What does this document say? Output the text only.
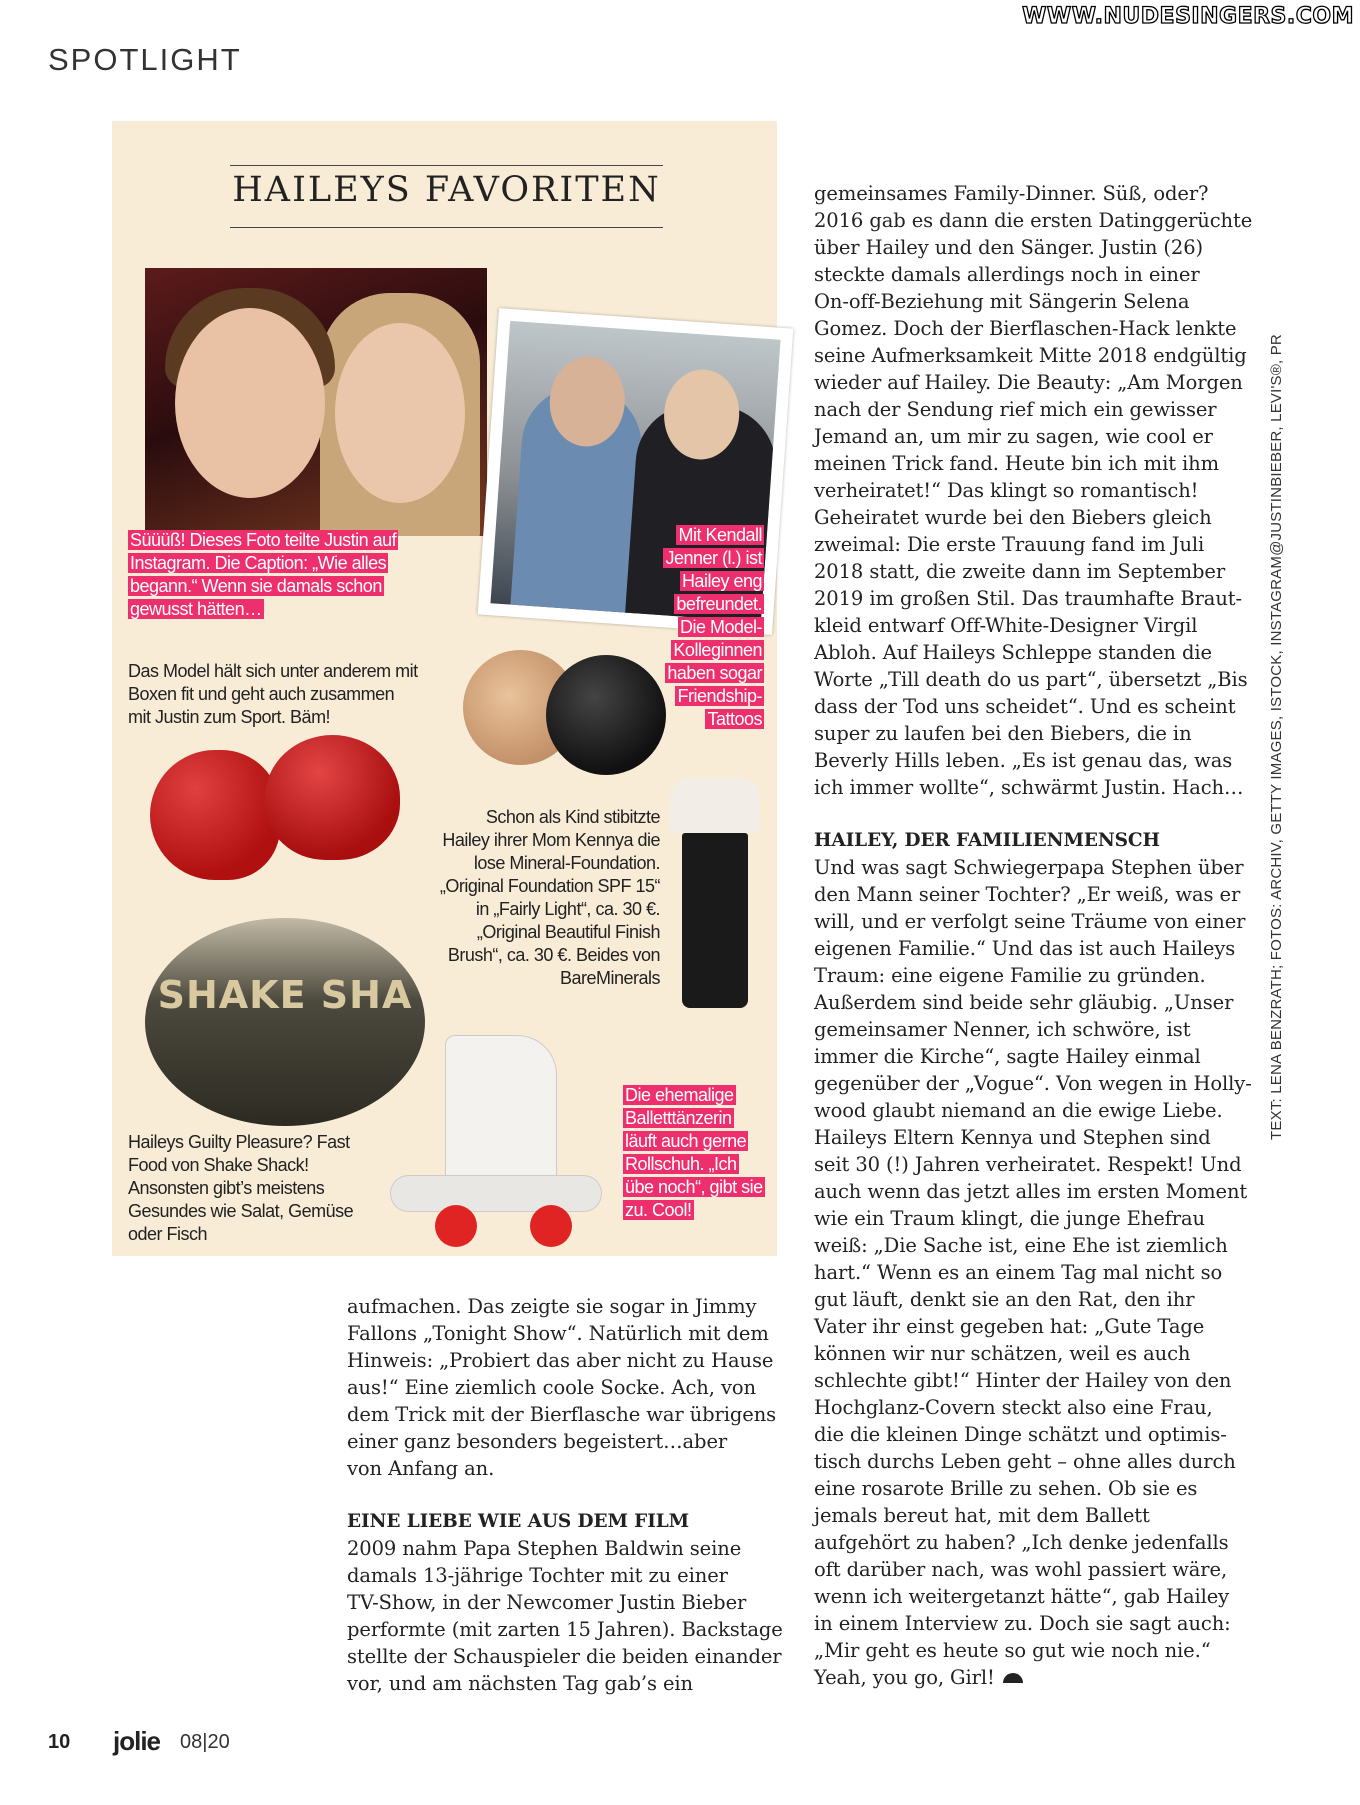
SPOTLIGHT
WWW.NUDESINGERS.COM
HAILEYS FAVORITEN
Süüüß! Dieses Foto teilte Justin auf Instagram. Die Caption: „Wie alles begann.“ Wenn sie damals schon gewusst hätten…
Mit Kendall Jenner (l.) ist Hailey eng befreundet. Die Model-Kolleginnen haben sogar Friendship-Tattoos
Das Model hält sich unter anderem mit Boxen fit und geht auch zusammen mit Justin zum Sport. Bäm!
Schon als Kind stibitzte Hailey ihrer Mom Kennya die lose Mineral-Foundation. „Original Foundation SPF 15“ in „Fairly Light“, ca. 30 €. „Original Beautiful Finish Brush“, ca. 30 €. Beides von BareMinerals
SHAKE SHA
Die ehemalige Balletttänzerin läuft auch gerne Rollschuh. „Ich übe noch“, gibt sie zu. Cool!
Haileys Guilty Pleasure? Fast Food von Shake Shack! Ansonsten gibt’s meistens Gesundes wie Salat, Gemüse oder Fisch

aufmachen. Das zeigte sie sogar in Jimmy

Fallons „Tonight Show“. Natürlich mit dem

Hinweis: „Probiert das aber nicht zu Hause

aus!“ Eine ziemlich coole Socke. Ach, von

dem Trick mit der Bierflasche war übrigens

einer ganz besonders begeistert…aber

von Anfang an.

EINE LIEBE WIE AUS DEM FILM

2009 nahm Papa Stephen Baldwin seine

damals 13-jährige Tochter mit zu einer

TV-Show, in der Newcomer Justin Bieber

performte (mit zarten 15 Jahren). Backstage

stellte der Schauspieler die beiden einander

vor, und am nächsten Tag gab’s ein

gemeinsames Family-Dinner. Süß, oder?

2016 gab es dann die ersten Datinggerüchte

über Hailey und den Sänger. Justin (26)

steckte damals allerdings noch in einer

On-off-Beziehung mit Sängerin Selena

Gomez. Doch der Bierflaschen-Hack lenkte

seine Aufmerksamkeit Mitte 2018 endgültig

wieder auf Hailey. Die Beauty: „Am Morgen

nach der Sendung rief mich ein gewisser

Jemand an, um mir zu sagen, wie cool er

meinen Trick fand. Heute bin ich mit ihm

verheiratet!“ Das klingt so romantisch!

Geheiratet wurde bei den Biebers gleich

zweimal: Die erste Trauung fand im Juli

2018 statt, die zweite dann im September

2019 im großen Stil. Das traumhafte Braut-

kleid entwarf Off-White-Designer Virgil

Abloh. Auf Haileys Schleppe standen die

Worte „Till death do us part“, übersetzt „Bis

dass der Tod uns scheidet“. Und es scheint

super zu laufen bei den Biebers, die in

Beverly Hills leben. „Es ist genau das, was

ich immer wollte“, schwärmt Justin. Hach…

HAILEY, DER FAMILIENMENSCH

Und was sagt Schwiegerpapa Stephen über

den Mann seiner Tochter? „Er weiß, was er

will, und er verfolgt seine Träume von einer

eigenen Familie.“ Und das ist auch Haileys

Traum: eine eigene Familie zu gründen.

Außerdem sind beide sehr gläubig. „Unser

gemeinsamer Nenner, ich schwöre, ist

immer die Kirche“, sagte Hailey einmal

gegenüber der „Vogue“. Von wegen in Holly-

wood glaubt niemand an die ewige Liebe.

Haileys Eltern Kennya und Stephen sind

seit 30 (!) Jahren verheiratet. Respekt! Und

auch wenn das jetzt alles im ersten Moment

wie ein Traum klingt, die junge Ehefrau

weiß: „Die Sache ist, eine Ehe ist ziemlich

hart.“ Wenn es an einem Tag mal nicht so

gut läuft, denkt sie an den Rat, den ihr

Vater ihr einst gegeben hat: „Gute Tage

können wir nur schätzen, weil es auch

schlechte gibt!“ Hinter der Hailey von den

Hochglanz-Covern steckt also eine Frau,

die die kleinen Dinge schätzt und optimis-

tisch durchs Leben geht – ohne alles durch

eine rosarote Brille zu sehen. Ob sie es

jemals bereut hat, mit dem Ballett

aufgehört zu haben? „Ich denke jedenfalls

oft darüber nach, was wohl passiert wäre,

wenn ich weitergetanzt hätte“, gab Hailey

in einem Interview zu. Doch sie sagt auch:

„Mir geht es heute so gut wie noch nie.“

Yeah, you go, Girl!

TEXT: LENA BENZRATH; FOTOS: ARCHIV, GETTY IMAGES, ISTOCK, INSTAGRAM@JUSTINBIEBER, LEVI'S®, PR
10 jolie 08|20
